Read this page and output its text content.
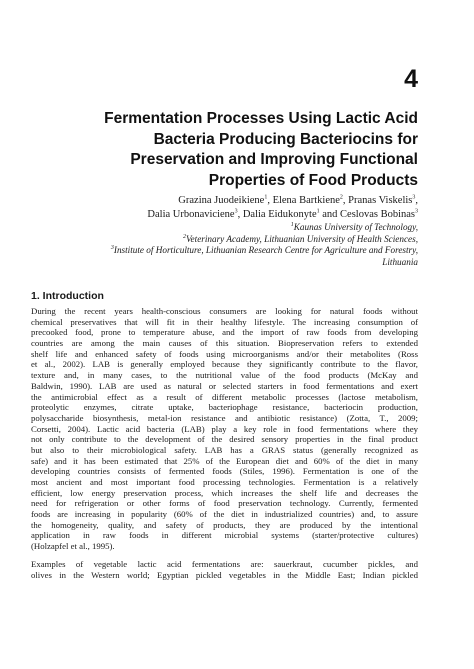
4
Fermentation Processes Using Lactic Acid
Bacteria Producing Bacteriocins for
Preservation and Improving Functional
Properties of Food Products
Grazina Juodeikiene$^1$, Elena Bartkiene$^2$, Pranas Viskelis$^3$,
Dalia Urbonaviciene$^3$, Dalia Eidukonyte$^1$ and Ceslovas Bobinas$^3$
$^1$Kaunas University of Technology,
$^2$Veterinary Academy, Lithuanian University of Health Sciences,
$^3$Institute of Horticulture, Lithuanian Research Centre for Agriculture and Forestry,
Lithuania
1. Introduction
During the recent years health-conscious consumers are looking for natural foods without
chemical preservatives that will fit in their healthy lifestyle. The increasing consumption of
precooked food, prone to temperature abuse, and the import of raw foods from developing
countries are among the main causes of this situation. Biopreservation refers to extended
shelf life and enhanced safety of foods using microorganisms and/or their metabolites (Ross
et al., 2002). LAB is generally employed because they significantly contribute to the flavor,
texture and, in many cases, to the nutritional value of the food products (McKay and
Baldwin, 1990). LAB are used as natural or selected starters in food fermentations and exert
the antimicrobial effect as a result of different metabolic processes (lactose metabolism,
proteolytic enzymes, citrate uptake, bacteriophage resistance, bacteriocin production,
polysaccharide biosynthesis, metal-ion resistance and antibiotic resistance) (Zotta, T., 2009;
Corsetti, 2004). Lactic acid bacteria (LAB) play a key role in food fermentations where they
not only contribute to the development of the desired sensory properties in the final product
but also to their microbiological safety. LAB has a GRAS status (generally recognized as
safe) and it has been estimated that 25% of the European diet and 60% of the diet in many
developing countries consists of fermented foods (Stiles, 1996). Fermentation is one of the
most ancient and most important food processing technologies. Fermentation is a relatively
efficient, low energy preservation process, which increases the shelf life and decreases the
need for refrigeration or other forms of food preservation technology. Currently, fermented
foods are increasing in popularity (60% of the diet in industrialized countries) and, to assure
the homogeneity, quality, and safety of products, they are produced by the intentional
application in raw foods in different microbial systems (starter/protective cultures)
(Holzapfel et al., 1995).
Examples of vegetable lactic acid fermentations are: sauerkraut, cucumber pickles, and
olives in the Western world; Egyptian pickled vegetables in the Middle East; Indian pickled
